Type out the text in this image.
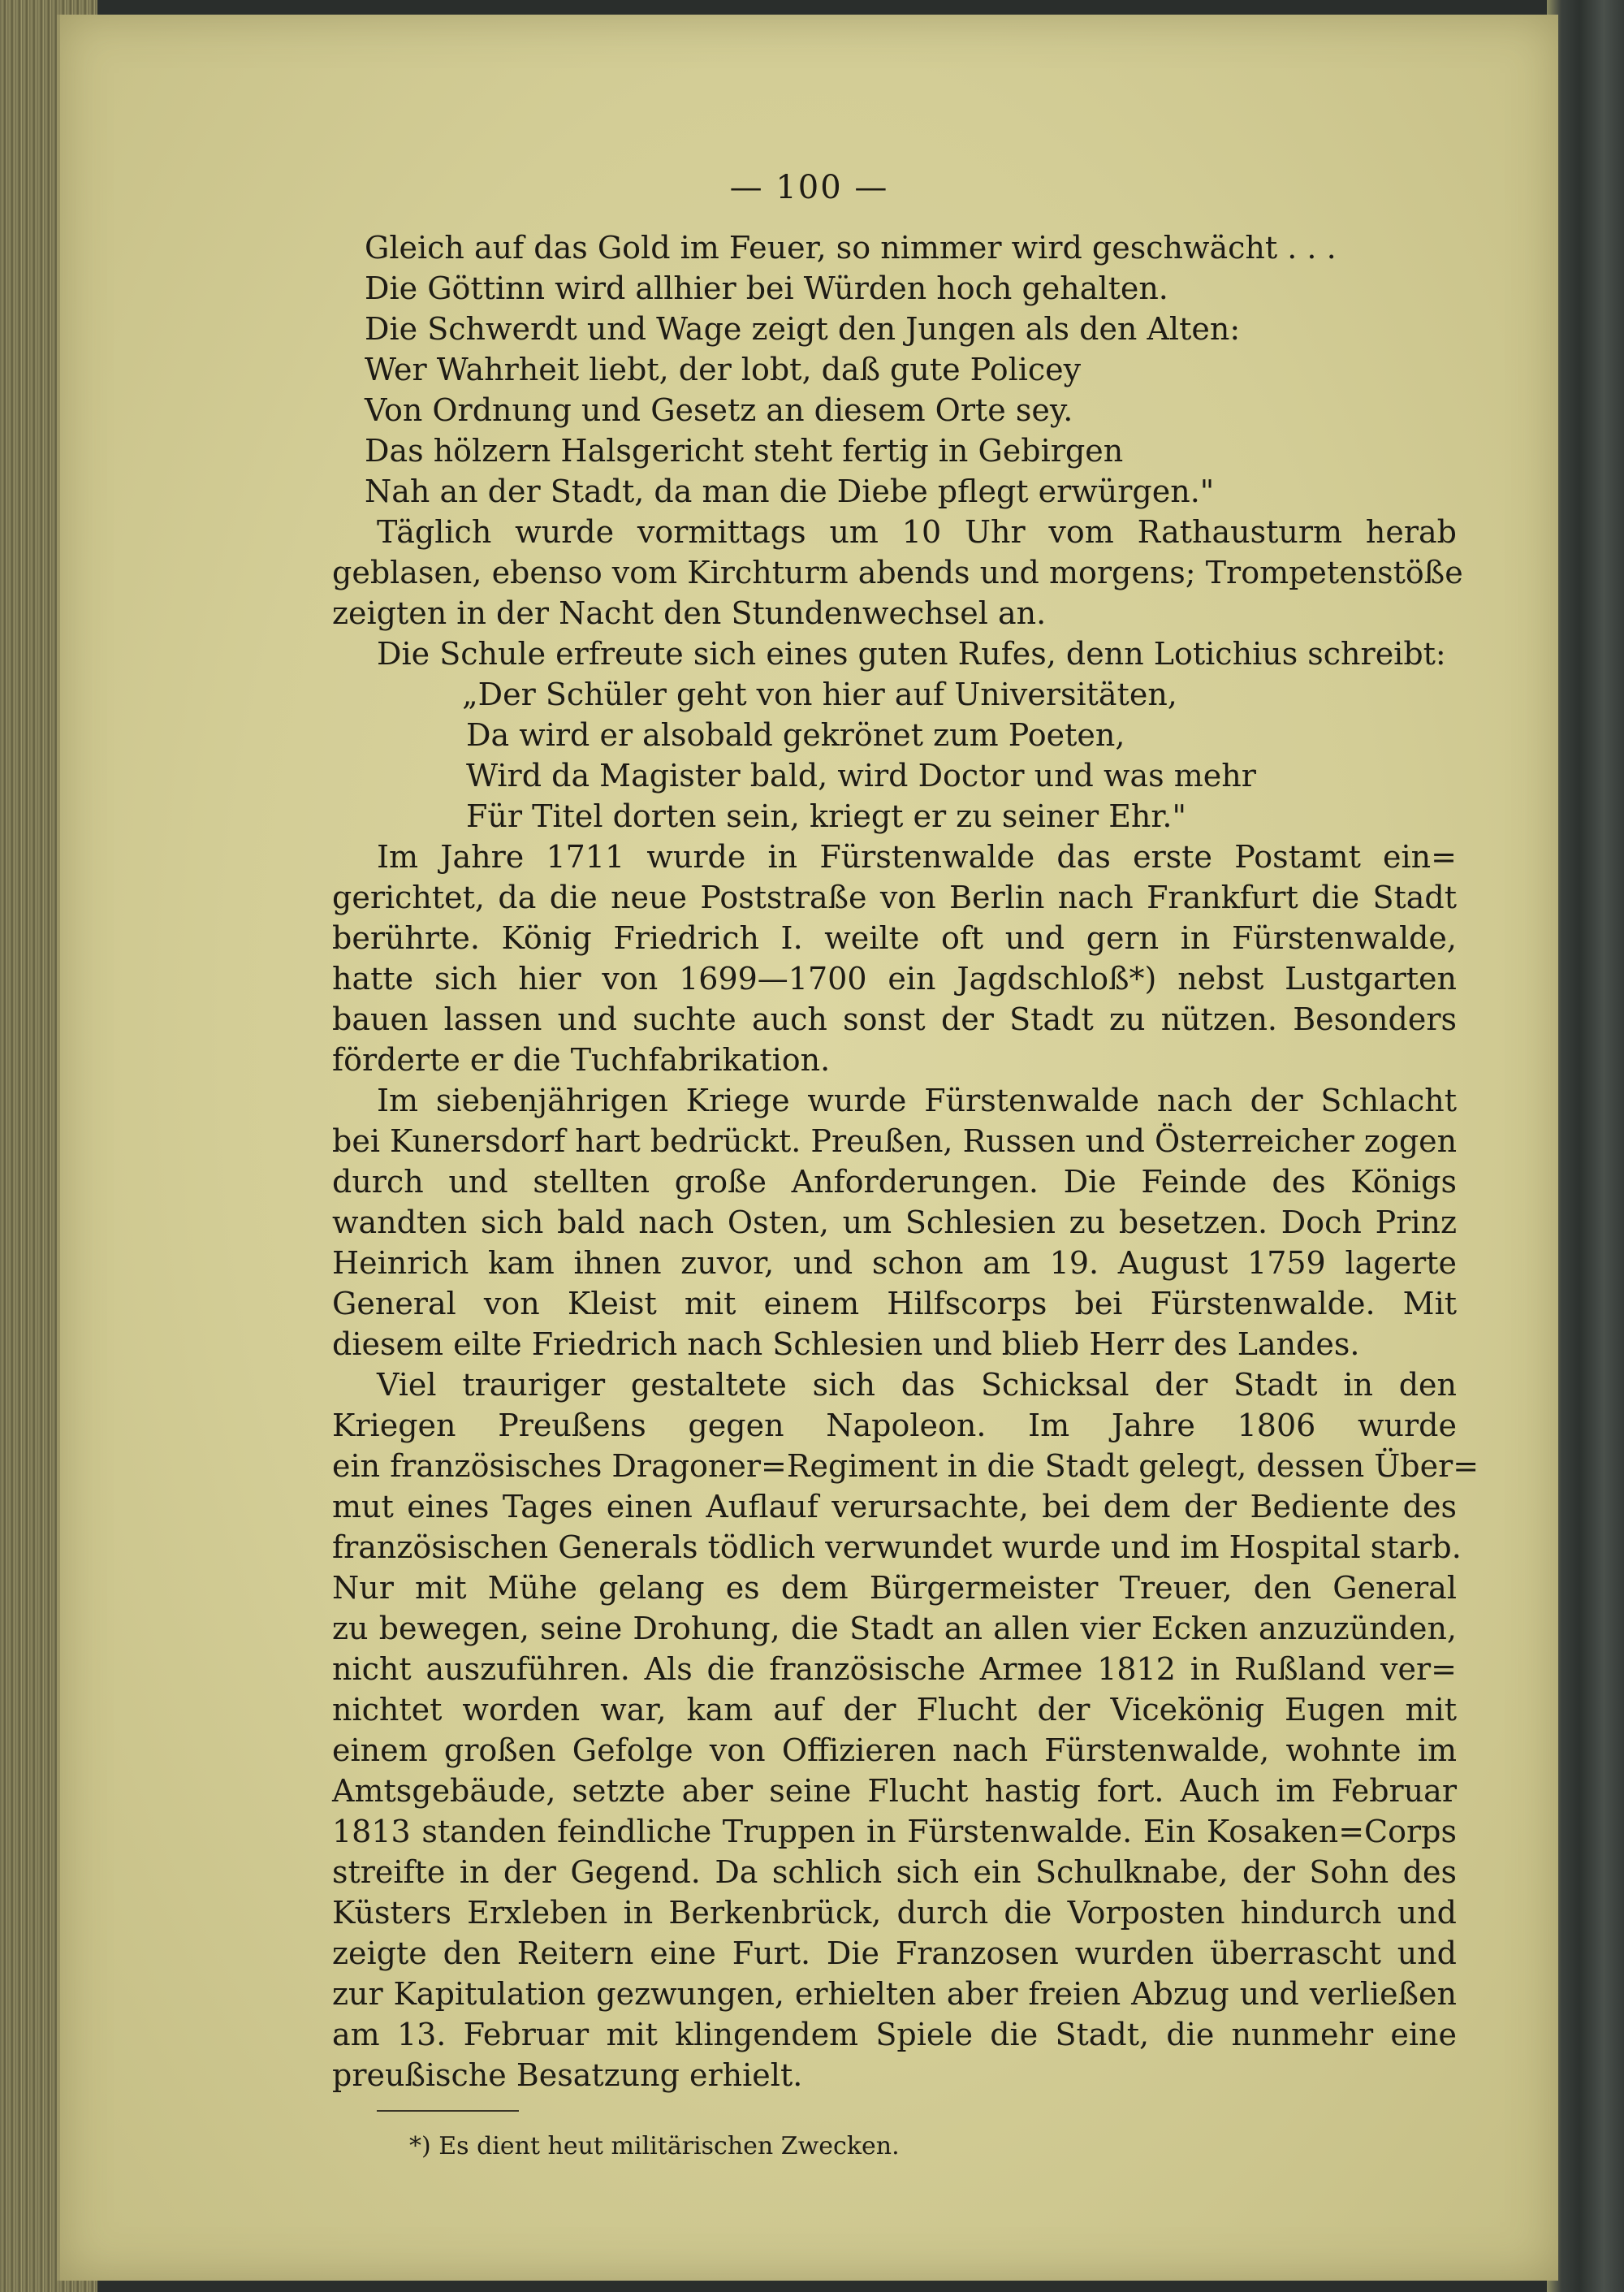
— 100 —
Gleich auf das Gold im Feuer, so nimmer wird geschwächt . . .
Die Göttinn wird allhier bei Würden hoch gehalten.
Die Schwerdt und Wage zeigt den Jungen als den Alten:
Wer Wahrheit liebt, der lobt, daß gute Policey
Von Ordnung und Gesetz an diesem Orte sey.
Das hölzern Halsgericht steht fertig in Gebirgen
Nah an der Stadt, da man die Diebe pflegt erwürgen."
Täglich wurde vormittags um 10 Uhr vom Rathausturm herab
geblasen, ebenso vom Kirchturm abends und morgens; Trompetenstöße
zeigten in der Nacht den Stundenwechsel an.
Die Schule erfreute sich eines guten Rufes, denn Lotichius schreibt:
„Der Schüler geht von hier auf Universitäten,
Da wird er alsobald gekrönet zum Poeten,
Wird da Magister bald, wird Doctor und was mehr
Für Titel dorten sein, kriegt er zu seiner Ehr."
Im Jahre 1711 wurde in Fürstenwalde das erste Postamt ein=
gerichtet, da die neue Poststraße von Berlin nach Frankfurt die Stadt
berührte. König Friedrich I. weilte oft und gern in Fürstenwalde,
hatte sich hier von 1699—1700 ein Jagdschloß*) nebst Lustgarten
bauen lassen und suchte auch sonst der Stadt zu nützen. Besonders
förderte er die Tuchfabrikation.
Im siebenjährigen Kriege wurde Fürstenwalde nach der Schlacht
bei Kunersdorf hart bedrückt. Preußen, Russen und Österreicher zogen
durch und stellten große Anforderungen. Die Feinde des Königs
wandten sich bald nach Osten, um Schlesien zu besetzen. Doch Prinz
Heinrich kam ihnen zuvor, und schon am 19. August 1759 lagerte
General von Kleist mit einem Hilfscorps bei Fürstenwalde. Mit
diesem eilte Friedrich nach Schlesien und blieb Herr des Landes.
Viel trauriger gestaltete sich das Schicksal der Stadt in den
Kriegen Preußens gegen Napoleon. Im Jahre 1806 wurde
ein französisches Dragoner=Regiment in die Stadt gelegt, dessen Über=
mut eines Tages einen Auflauf verursachte, bei dem der Bediente des
französischen Generals tödlich verwundet wurde und im Hospital starb.
Nur mit Mühe gelang es dem Bürgermeister Treuer, den General
zu bewegen, seine Drohung, die Stadt an allen vier Ecken anzuzünden,
nicht auszuführen. Als die französische Armee 1812 in Rußland ver=
nichtet worden war, kam auf der Flucht der Vicekönig Eugen mit
einem großen Gefolge von Offizieren nach Fürstenwalde, wohnte im
Amtsgebäude, setzte aber seine Flucht hastig fort. Auch im Februar
1813 standen feindliche Truppen in Fürstenwalde. Ein Kosaken=Corps
streifte in der Gegend. Da schlich sich ein Schulknabe, der Sohn des
Küsters Erxleben in Berkenbrück, durch die Vorposten hindurch und
zeigte den Reitern eine Furt. Die Franzosen wurden überrascht und
zur Kapitulation gezwungen, erhielten aber freien Abzug und verließen
am 13. Februar mit klingendem Spiele die Stadt, die nunmehr eine
preußische Besatzung erhielt.
*) Es dient heut militärischen Zwecken.
